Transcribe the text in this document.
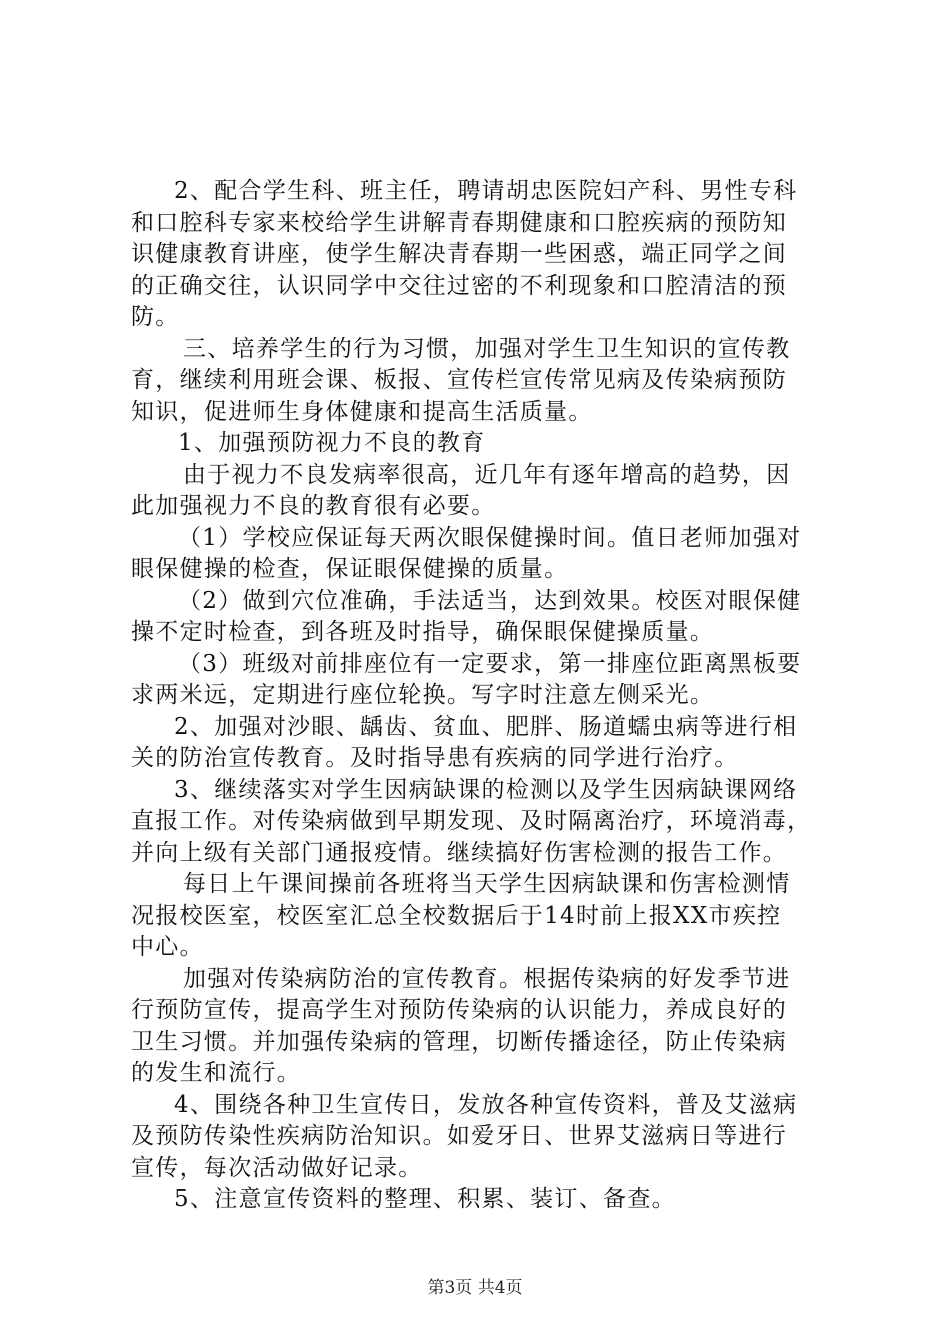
2、配合学生科、班主任，聘请胡忠医院妇产科、男性专科
和口腔科专家来校给学生讲解青春期健康和口腔疾病的预防知
识健康教育讲座，使学生解决青春期一些困惑，端正同学之间
的正确交往，认识同学中交往过密的不利现象和口腔清洁的预
防。
三、培养学生的行为习惯，加强对学生卫生知识的宣传教
育，继续利用班会课、板报、宣传栏宣传常见病及传染病预防
知识，促进师生身体健康和提高生活质量。
1、加强预防视力不良的教育
由于视力不良发病率很高，近几年有逐年增高的趋势，因
此加强视力不良的教育很有必要。
（1）学校应保证每天两次眼保健操时间。值日老师加强对
眼保健操的检查，保证眼保健操的质量。
（2）做到穴位准确，手法适当，达到效果。校医对眼保健
操不定时检查，到各班及时指导，确保眼保健操质量。
（3）班级对前排座位有一定要求，第一排座位距离黑板要
求两米远，定期进行座位轮换。写字时注意左侧采光。
2、加强对沙眼、龋齿、贫血、肥胖、肠道蠕虫病等进行相
关的防治宣传教育。及时指导患有疾病的同学进行治疗。
3、继续落实对学生因病缺课的检测以及学生因病缺课网络
直报工作。对传染病做到早期发现、及时隔离治疗，环境消毒，
并向上级有关部门通报疫情。继续搞好伤害检测的报告工作。
每日上午课间操前各班将当天学生因病缺课和伤害检测情
况报校医室，校医室汇总全校数据后于14时前上报XX市疾控
中心。
加强对传染病防治的宣传教育。根据传染病的好发季节进
行预防宣传，提高学生对预防传染病的认识能力，养成良好的
卫生习惯。并加强传染病的管理，切断传播途径，防止传染病
的发生和流行。
4、围绕各种卫生宣传日，发放各种宣传资料，普及艾滋病
及预防传染性疾病防治知识。如爱牙日、世界艾滋病日等进行
宣传，每次活动做好记录。
5、注意宣传资料的整理、积累、装订、备查。
第3页 共4页
